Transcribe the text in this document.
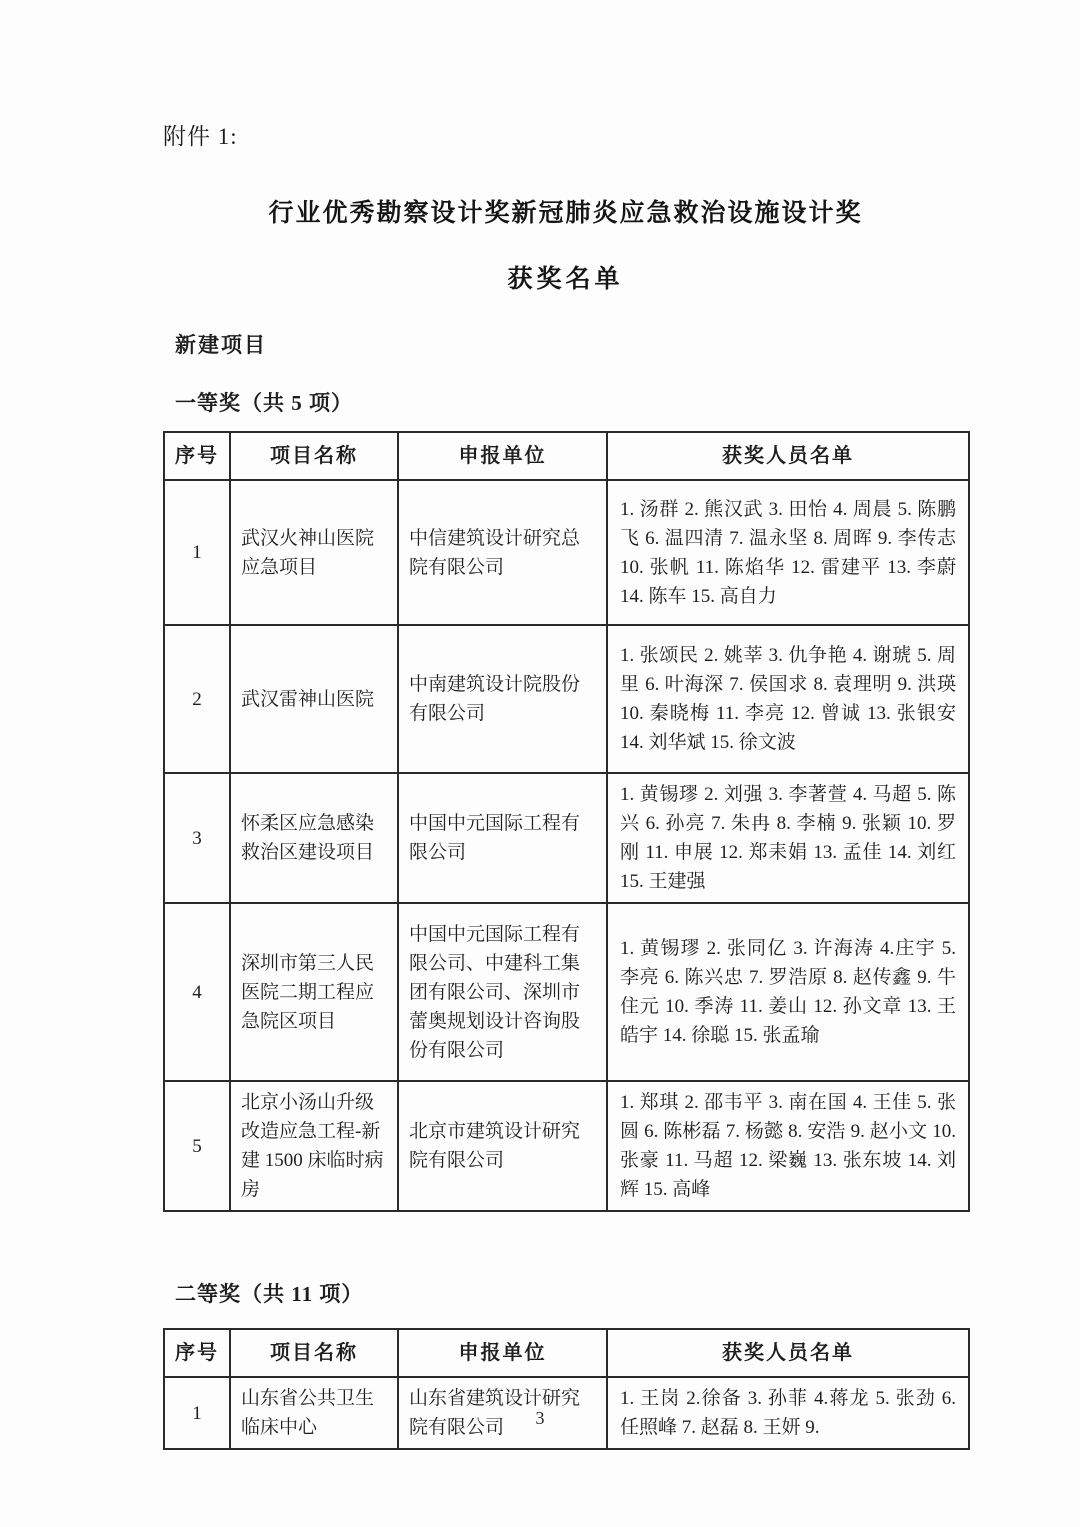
附件 1:
行业优秀勘察设计奖新冠肺炎应急救治设施设计奖
获奖名单
新建项目
一等奖（共 5 项）
序号	项目名称	申报单位	获奖人员名单
1	武汉火神山医院应急项目	中信建筑设计研究总院有限公司	1. 汤群 2. 熊汉武 3. 田怡 4. 周晨 5. 陈鹏飞 6. 温四清 7. 温永坚 8. 周晖 9. 李传志 10. 张帆 11. 陈焰华 12. 雷建平 13. 李蔚 14. 陈车 15. 高自力
2	武汉雷神山医院	中南建筑设计院股份有限公司	1. 张颂民 2. 姚莘 3. 仇争艳 4. 谢琥 5. 周里 6. 叶海深 7. 侯国求 8. 袁理明 9. 洪瑛 10. 秦晓梅 11. 李亮 12. 曾诚 13. 张银安 14. 刘华斌 15. 徐文波
3	怀柔区应急感染救治区建设项目	中国中元国际工程有限公司	1. 黄锡璆 2. 刘强 3. 李著萱 4. 马超 5. 陈兴 6. 孙亮 7. 朱冉 8. 李楠 9. 张颖 10. 罗刚 11. 申展 12. 郑耒娟 13. 孟佳 14. 刘红 15. 王建强
4	深圳市第三人民医院二期工程应急院区项目	中国中元国际工程有限公司、中建科工集团有限公司、深圳市蕾奥规划设计咨询股份有限公司	1. 黄锡璆 2. 张同亿 3. 许海涛 4.庄宇 5. 李亮 6. 陈兴忠 7. 罗浩原 8. 赵传鑫 9. 牛住元 10. 季涛 11. 姜山 12. 孙文章 13. 王皓宇 14. 徐聪 15. 张孟瑜
5	北京小汤山升级改造应急工程-新建 1500 床临时病房	北京市建筑设计研究院有限公司	1. 郑琪 2. 邵韦平 3. 南在国 4. 王佳 5. 张圆 6. 陈彬磊 7. 杨懿 8. 安浩 9. 赵小文 10. 张豪 11. 马超 12. 梁巍 13. 张东坡 14. 刘辉 15. 高峰
二等奖（共 11 项）
序号	项目名称	申报单位	获奖人员名单
1	山东省公共卫生临床中心	山东省建筑设计研究院有限公司	1. 王岗 2.徐备 3. 孙菲 4.蒋龙 5. 张劲 6. 任照峰 7. 赵磊 8. 王妍 9.
3
